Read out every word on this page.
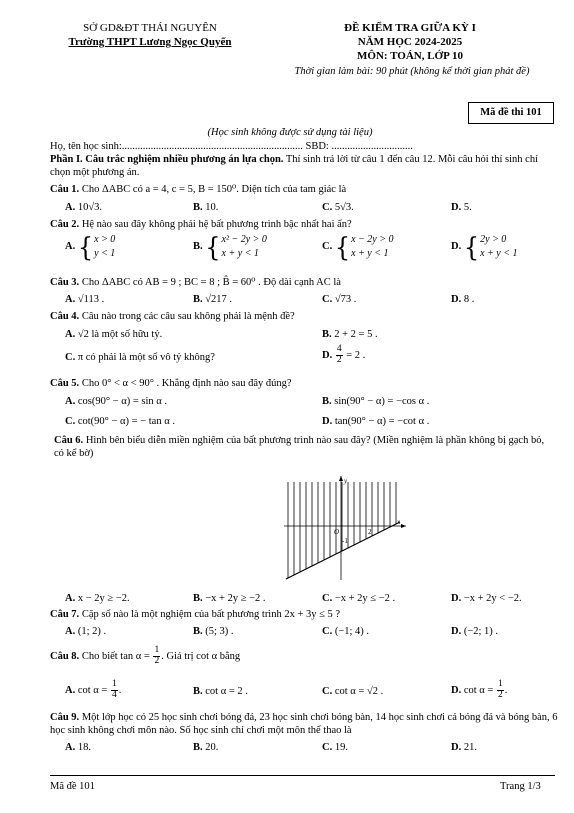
SỞ GD&ĐT THÁI NGUYÊN
Trường THPT Lương Ngọc Quyến
ĐỀ KIỂM TRA GIỮA KỲ I
NĂM HỌC 2024-2025
MÔN: TOÁN, LỚP 10
Thời gian làm bài: 90 phút (không kể thời gian phát đề)
Mã đề thi 101
(Học sinh không được sử dụng tài liệu)
Họ, tên học sinh:..................................................................... SBD: ...............................
Phần I. Câu trắc nghiệm nhiều phương án lựa chọn. Thí sinh trả lời từ câu 1 đến câu 12. Mỗi câu hỏi thí sinh chỉ chọn một phương án.
Câu 1. Cho ΔABC có a = 4, c = 5, B = 150⁰. Diện tích của tam giác là
A. 10√3.	B. 10.	C. 5√3.	D. 5.
Câu 2. Hệ nào sau đây không phải hệ bất phương trình bậc nhất hai ẩn?
A. { x > 0
y < 1
B. { x² − 2y > 0
x + y < 1
C. { x − 2y > 0
x + y < 1
D. { 2y > 0
x + y < 1
Câu 3. Cho ΔABC có AB = 9 ; BC = 8 ; B̂ = 60⁰ . Độ dài cạnh AC là
A. √113 .	B. √217 .	C. √73 .	D. 8 .
Câu 4. Câu nào trong các câu sau không phải là mệnh đề?
A. √2 là một số hữu tỷ.	B. 2 + 2 = 5 .
C. π có phải là một số vô tỷ không?	D. $\frac{4}{2} = 2$ .
Câu 5. Cho 0° < α < 90° . Khẳng định nào sau đây đúng?
A. cos(90° − α) = sin α .	B. sin(90° − α) = −cos α .
C. cot(90° − α) = − tan α .	D. tan(90° − α) = −cot α .
Câu 6. Hình bên biểu diễn miền nghiệm của bất phương trình nào sau đây? (Miền nghiệm là phần không bị gạch bỏ, có kể bờ)
y
x
O	2
-1
A. x − 2y ≥ −2.	B. −x + 2y ≥ −2 .	C. −x + 2y ≤ −2 .	D. −x + 2y < −2.
Câu 7. Cặp số nào là một nghiệm của bất phương trình 2x + 3y ≤ 5 ?
A. (1; 2) .	B. (5; 3) .	C. (−1; 4) .	D. (−2; 1) .
Câu 8. Cho biết $\tan \alpha = \frac{1}{2}$ . Giá trị cot α bằng
A. $\cot \alpha = \frac{1}{4}$ .	B. cot α = 2 .	C. cot α = √2 .	D. $\cot \alpha = \frac{1}{2}$ .
Câu 9. Một lớp học có 25 học sinh chơi bóng đá, 23 học sinh chơi bóng bàn, 14 học sinh chơi cả bóng đá và bóng bàn, 6 học sinh không chơi môn nào. Số học sinh chỉ chơi một môn thể thao là
A. 18.	B. 20.	C. 19.	D. 21.
Mã đề 101	Trang 1/3
